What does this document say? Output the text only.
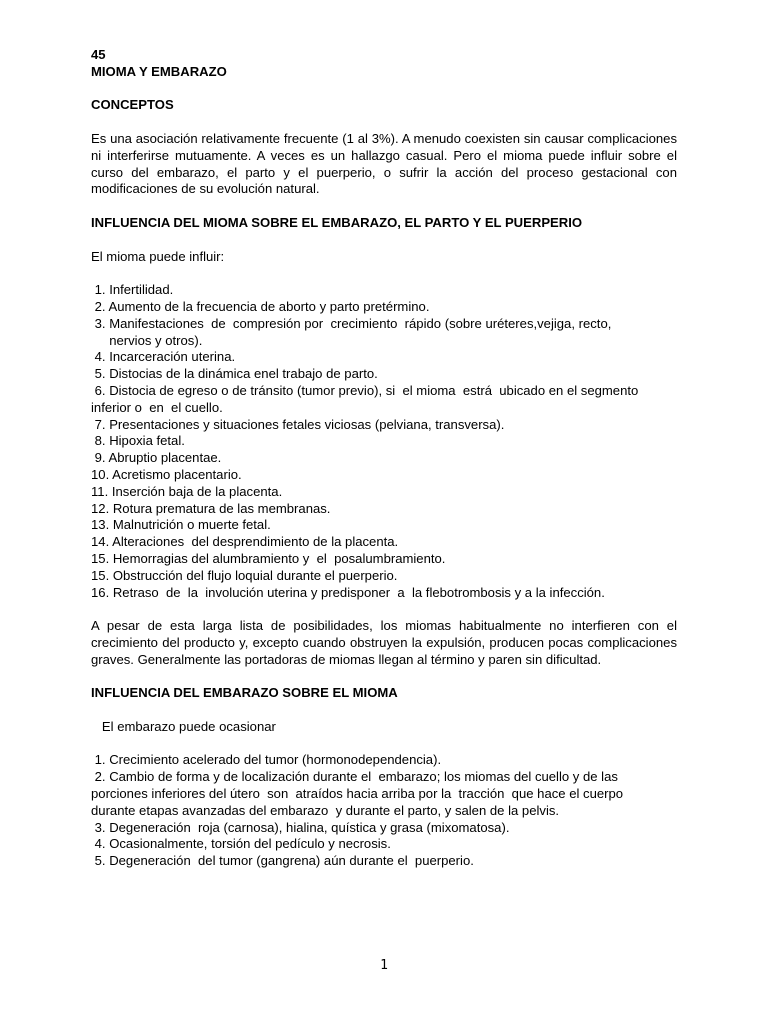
45
MIOMA Y EMBARAZO
CONCEPTOS

Es una asociación relativamente frecuente (1 al 3%). A menudo coexisten sin causar complicaciones ni interferirse mutuamente. A veces es un hallazgo casual. Pero el mioma puede influir sobre el curso del embarazo, el parto y el puerperio, o sufrir la acción del proceso gestacional con modificaciones de su evolución natural.

INFLUENCIA DEL MIOMA SOBRE EL EMBARAZO, EL PARTO Y EL PUERPERIO
El mioma puede influir:
1. Infertilidad.
2. Aumento de la frecuencia de aborto y parto pretérmino.
3. Manifestaciones  de  compresión por  crecimiento  rápido (sobre uréteres,vejiga, recto,
nervios y otros).
4. Incarceración uterina.
5. Distocias de la dinámica enel trabajo de parto.
6. Distocia de egreso o de tránsito (tumor previo), si  el mioma  estrá  ubicado en el segmento
inferior o  en  el cuello.
7. Presentaciones y situaciones fetales viciosas (pelviana, transversa).
8. Hipoxia fetal.
9. Abruptio placentae.
10. Acretismo placentario.
11. Inserción baja de la placenta.
12. Rotura prematura de las membranas.
13. Malnutrición o muerte fetal.
14. Alteraciones  del desprendimiento de la placenta.
15. Hemorragias del alumbramiento y  el  posalumbramiento.
15. Obstrucción del flujo loquial durante el puerperio.
16. Retraso  de  la  involución uterina y predisponer  a  la flebotrombosis y a la infección.

A pesar de esta larga lista de posibilidades, los miomas habitualmente no interfieren con el crecimiento del producto y, excepto cuando obstruyen la expulsión, producen pocas complicaciones graves. Generalmente las portadoras de miomas llegan al término y paren sin dificultad.

INFLUENCIA DEL EMBARAZO SOBRE EL MIOMA
El embarazo puede ocasionar
1. Crecimiento acelerado del tumor (hormonodependencia).
2. Cambio de forma y de localización durante el  embarazo; los miomas del cuello y de las
porciones inferiores del útero  son  atraídos hacia arriba por la  tracción  que hace el cuerpo
durante etapas avanzadas del embarazo  y durante el parto, y salen de la pelvis.
3. Degeneración  roja (carnosa), hialina, quística y grasa (mixomatosa).
4. Ocasionalmente, torsión del pedículo y necrosis.
5. Degeneración  del tumor (gangrena) aún durante el  puerperio.
1
